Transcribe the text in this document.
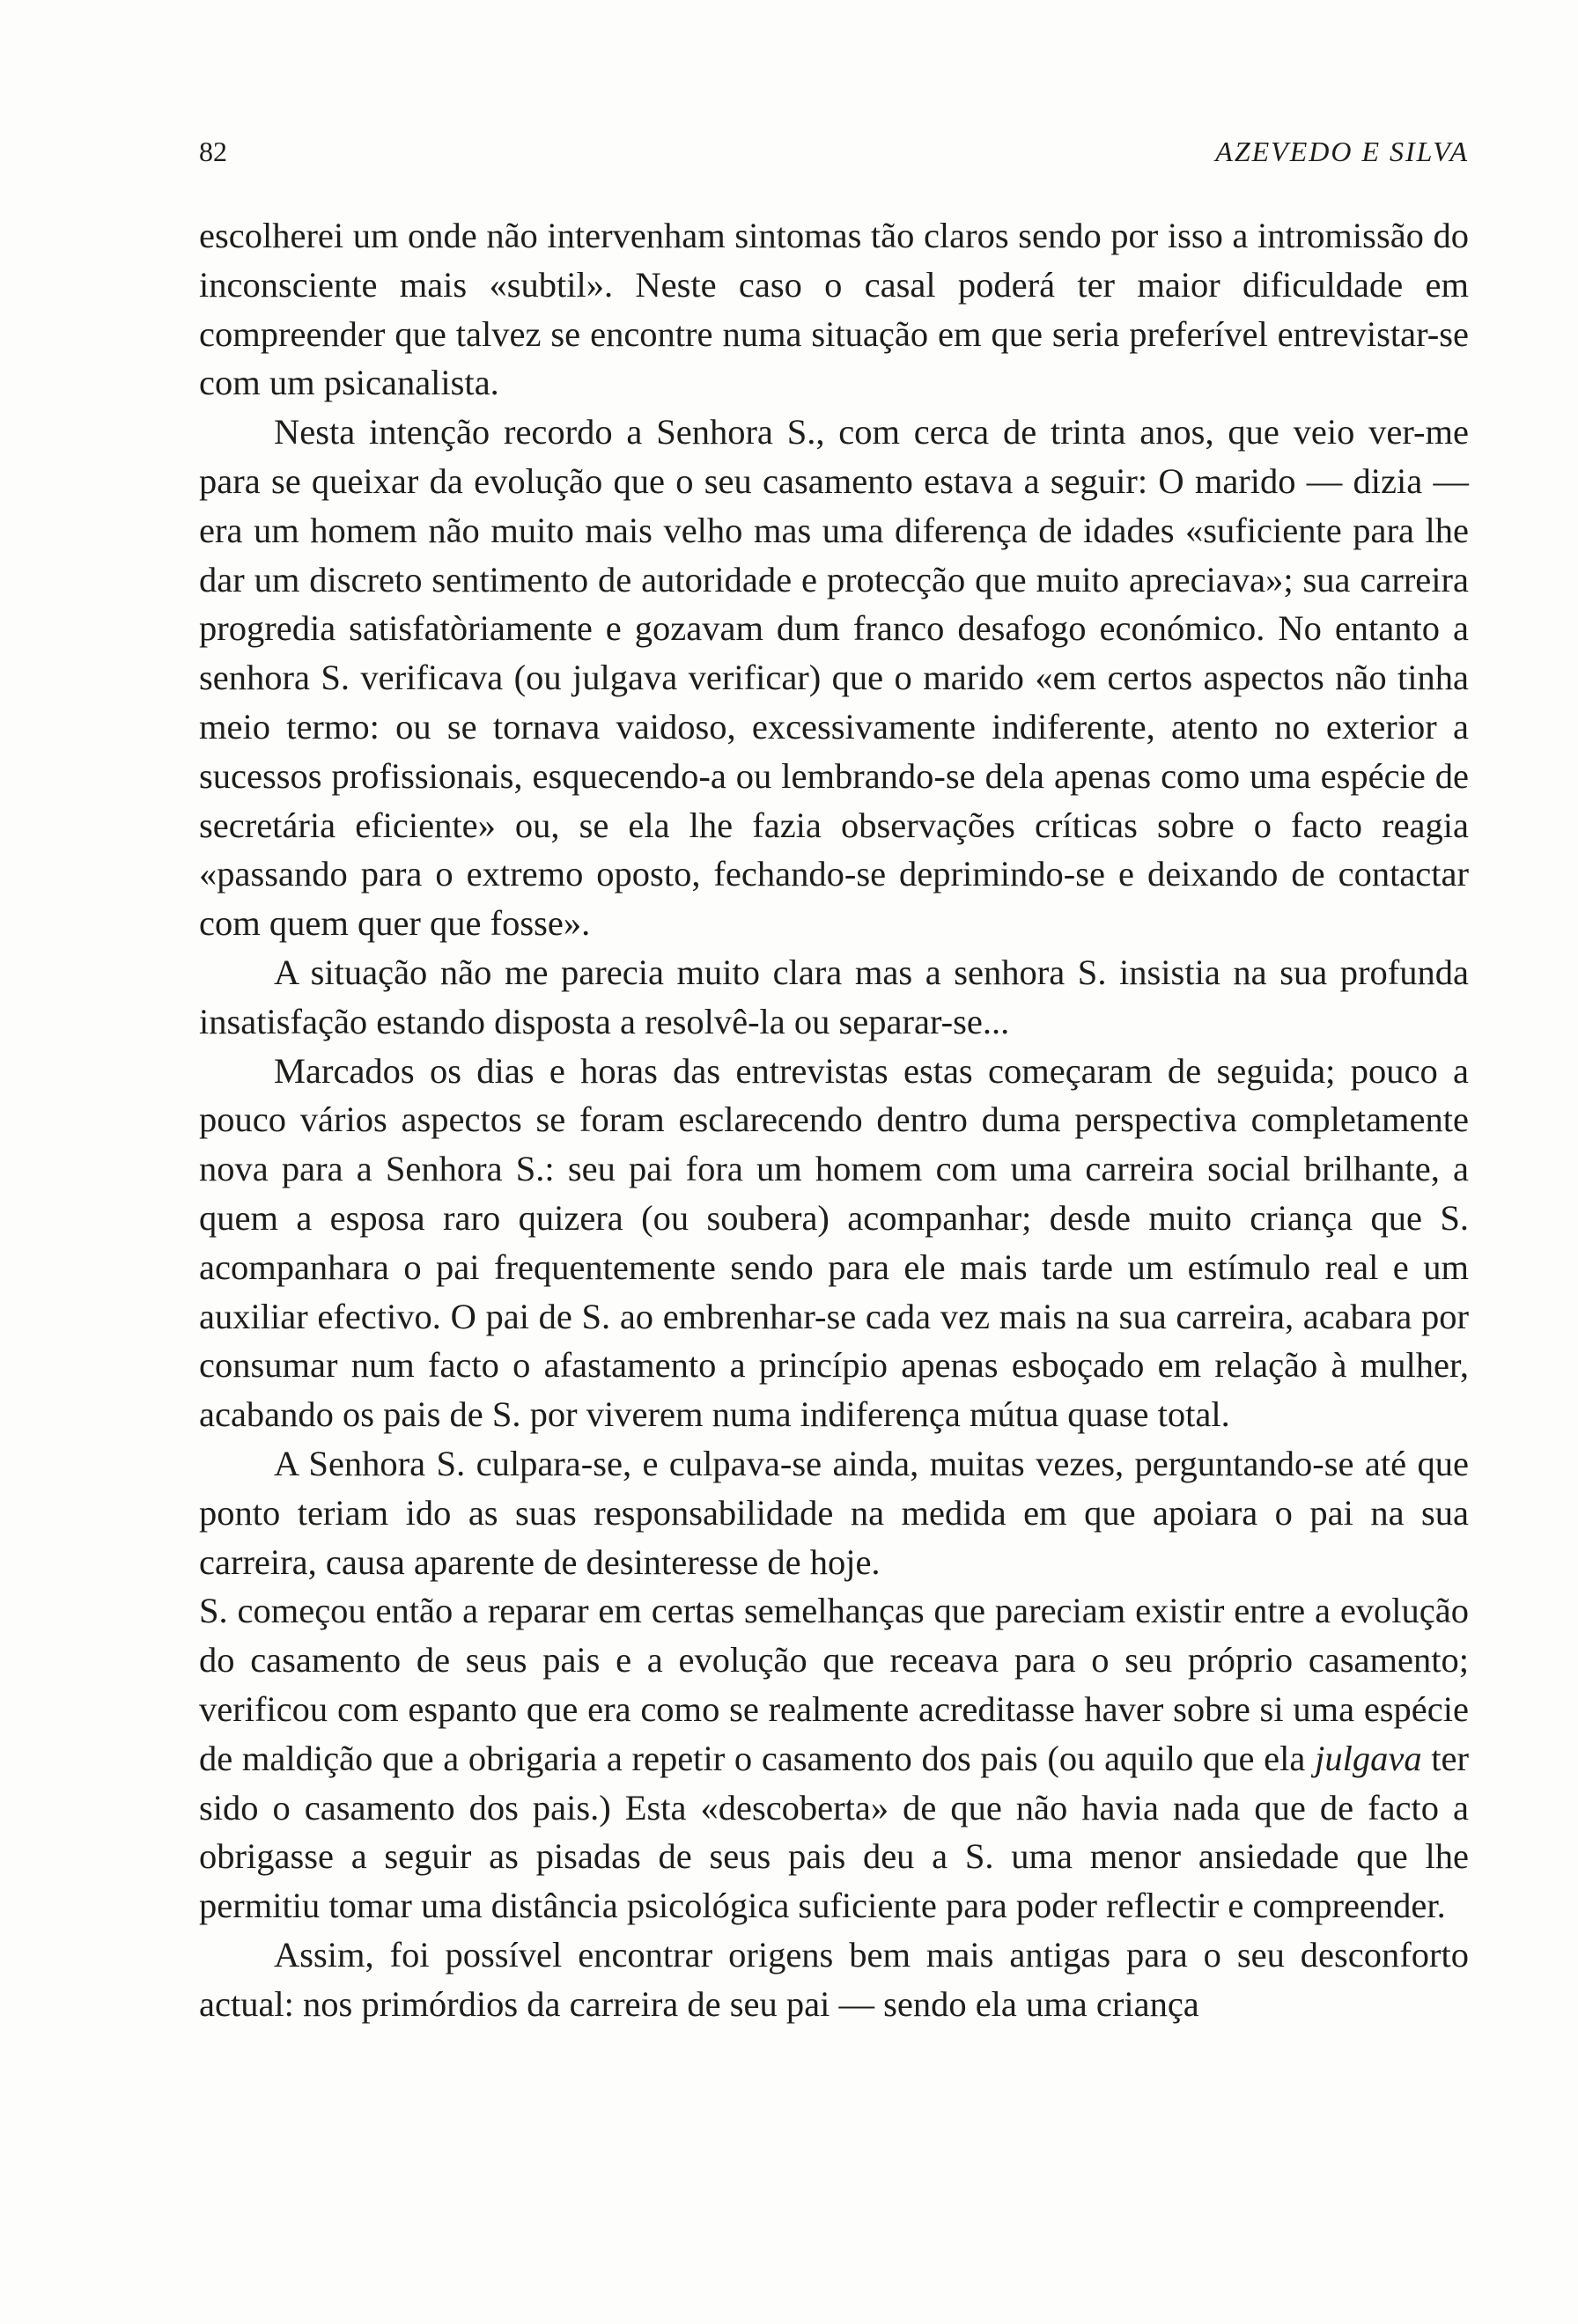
82	AZEVEDO E SILVA

escolherei um onde não intervenham sintomas tão claros sendo por isso a intromissão do inconsciente mais «subtil». Neste caso o casal poderá ter maior dificuldade em compreender que talvez se encontre numa situação em que seria preferível entrevistar-se com um psicanalista.

Nesta intenção recordo a Senhora S., com cerca de trinta anos, que veio ver-me para se queixar da evolução que o seu casamento estava a seguir: O marido — dizia — era um homem não muito mais velho mas uma diferença de idades «suficiente para lhe dar um discreto sentimento de autoridade e protecção que muito apreciava»; sua carreira progredia satisfatòriamente e gozavam dum franco desafogo económico. No entanto a senhora S. verificava (ou julgava verificar) que o marido «em certos aspectos não tinha meio termo: ou se tornava vaidoso, excessivamente indiferente, atento no exterior a sucessos profissionais, esquecendo-a ou lembrando-se dela apenas como uma espécie de secretária eficiente» ou, se ela lhe fazia observações críticas sobre o facto reagia «passando para o extremo oposto, fechando-se deprimindo-se e deixando de contactar com quem quer que fosse».

A situação não me parecia muito clara mas a senhora S. insistia na sua profunda insatisfação estando disposta a resolvê-la ou separar-se...

Marcados os dias e horas das entrevistas estas começaram de seguida; pouco a pouco vários aspectos se foram esclarecendo dentro duma perspectiva completamente nova para a Senhora S.: seu pai fora um homem com uma carreira social brilhante, a quem a esposa raro quizera (ou soubera) acompanhar; desde muito criança que S. acompanhara o pai frequentemente sendo para ele mais tarde um estímulo real e um auxiliar efectivo. O pai de S. ao embrenhar-se cada vez mais na sua carreira, acabara por consumar num facto o afastamento a princípio apenas esboçado em relação à mulher, acabando os pais de S. por viverem numa indiferença mútua quase total.

A Senhora S. culpara-se, e culpava-se ainda, muitas vezes, perguntando-se até que ponto teriam ido as suas responsabilidade na medida em que apoiara o pai na sua carreira, causa aparente de desinteresse de hoje.

S. começou então a reparar em certas semelhanças que pareciam existir entre a evolução do casamento de seus pais e a evolução que receava para o seu próprio casamento; verificou com espanto que era como se realmente acreditasse haver sobre si uma espécie de maldição que a obrigaria a repetir o casamento dos pais (ou aquilo que ela julgava ter sido o casamento dos pais.) Esta «descoberta» de que não havia nada que de facto a obrigasse a seguir as pisadas de seus pais deu a S. uma menor ansiedade que lhe permitiu tomar uma distância psicológica suficiente para poder reflectir e compreender.

Assim, foi possível encontrar origens bem mais antigas para o seu desconforto actual: nos primórdios da carreira de seu pai — sendo ela uma criança
